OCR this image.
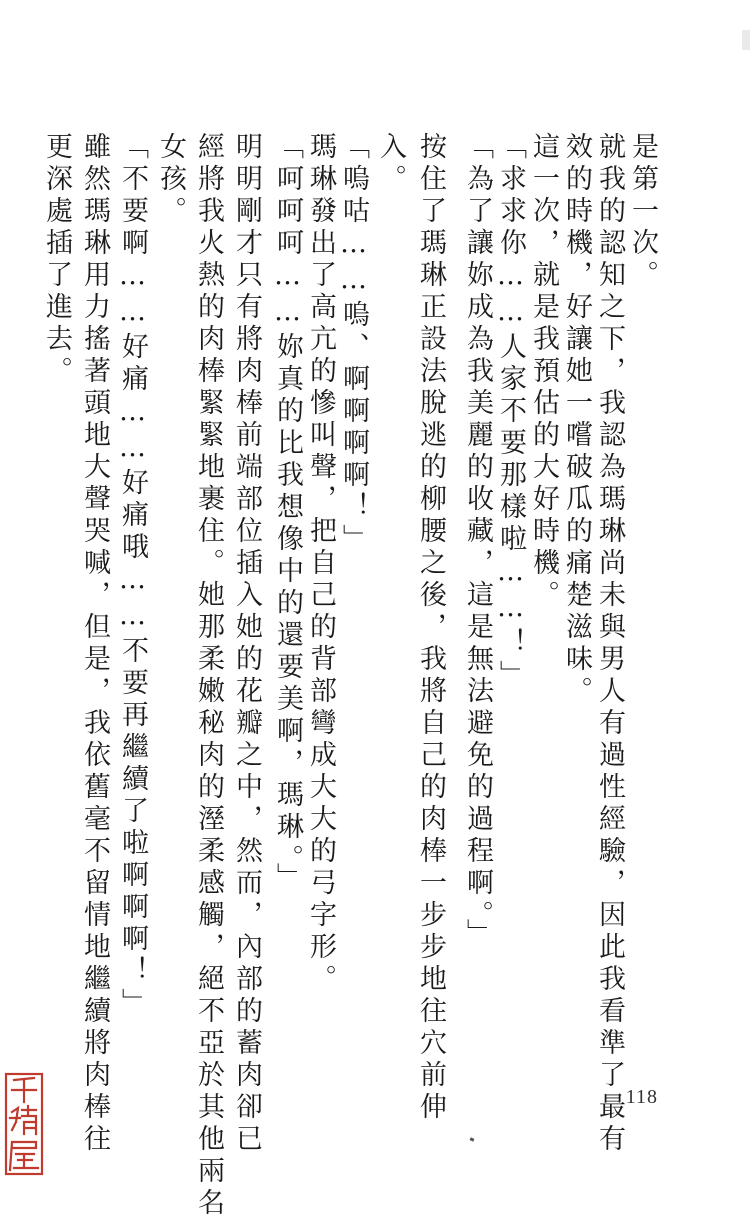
是第一次。
就我的認知之下，我認為瑪琳尚未與男人有過性經驗，因此我看準了最有
效的時機，好讓她一嚐破瓜的痛楚滋味。
這一次，就是我預估的大好時機。
「求求你……人家不要那樣啦……！」
「為了讓妳成為我美麗的收藏，這是無法避免的過程啊。」
按住了瑪琳正設法脫逃的柳腰之後，我將自己的肉棒一步步地往穴前伸
入。
「嗚咕……嗚、啊啊啊啊！」
瑪琳發出了高亢的慘叫聲，把自己的背部彎成大大的弓字形。
「呵呵呵……妳真的比我想像中的還要美啊，瑪琳。」
明明剛才只有將肉棒前端部位插入她的花瓣之中，然而，內部的蓄肉卻已
經將我火熱的肉棒緊緊地裹住。她那柔嫩秘肉的溼柔感觸，絕不亞於其他兩名
女孩。
「不要啊……好痛……好痛哦……不要再繼續了啦啊啊啊！」
雖然瑪琳用力搖著頭地大聲哭喊，但是，我依舊毫不留情地繼續將肉棒往
更深處插了進去。
118
